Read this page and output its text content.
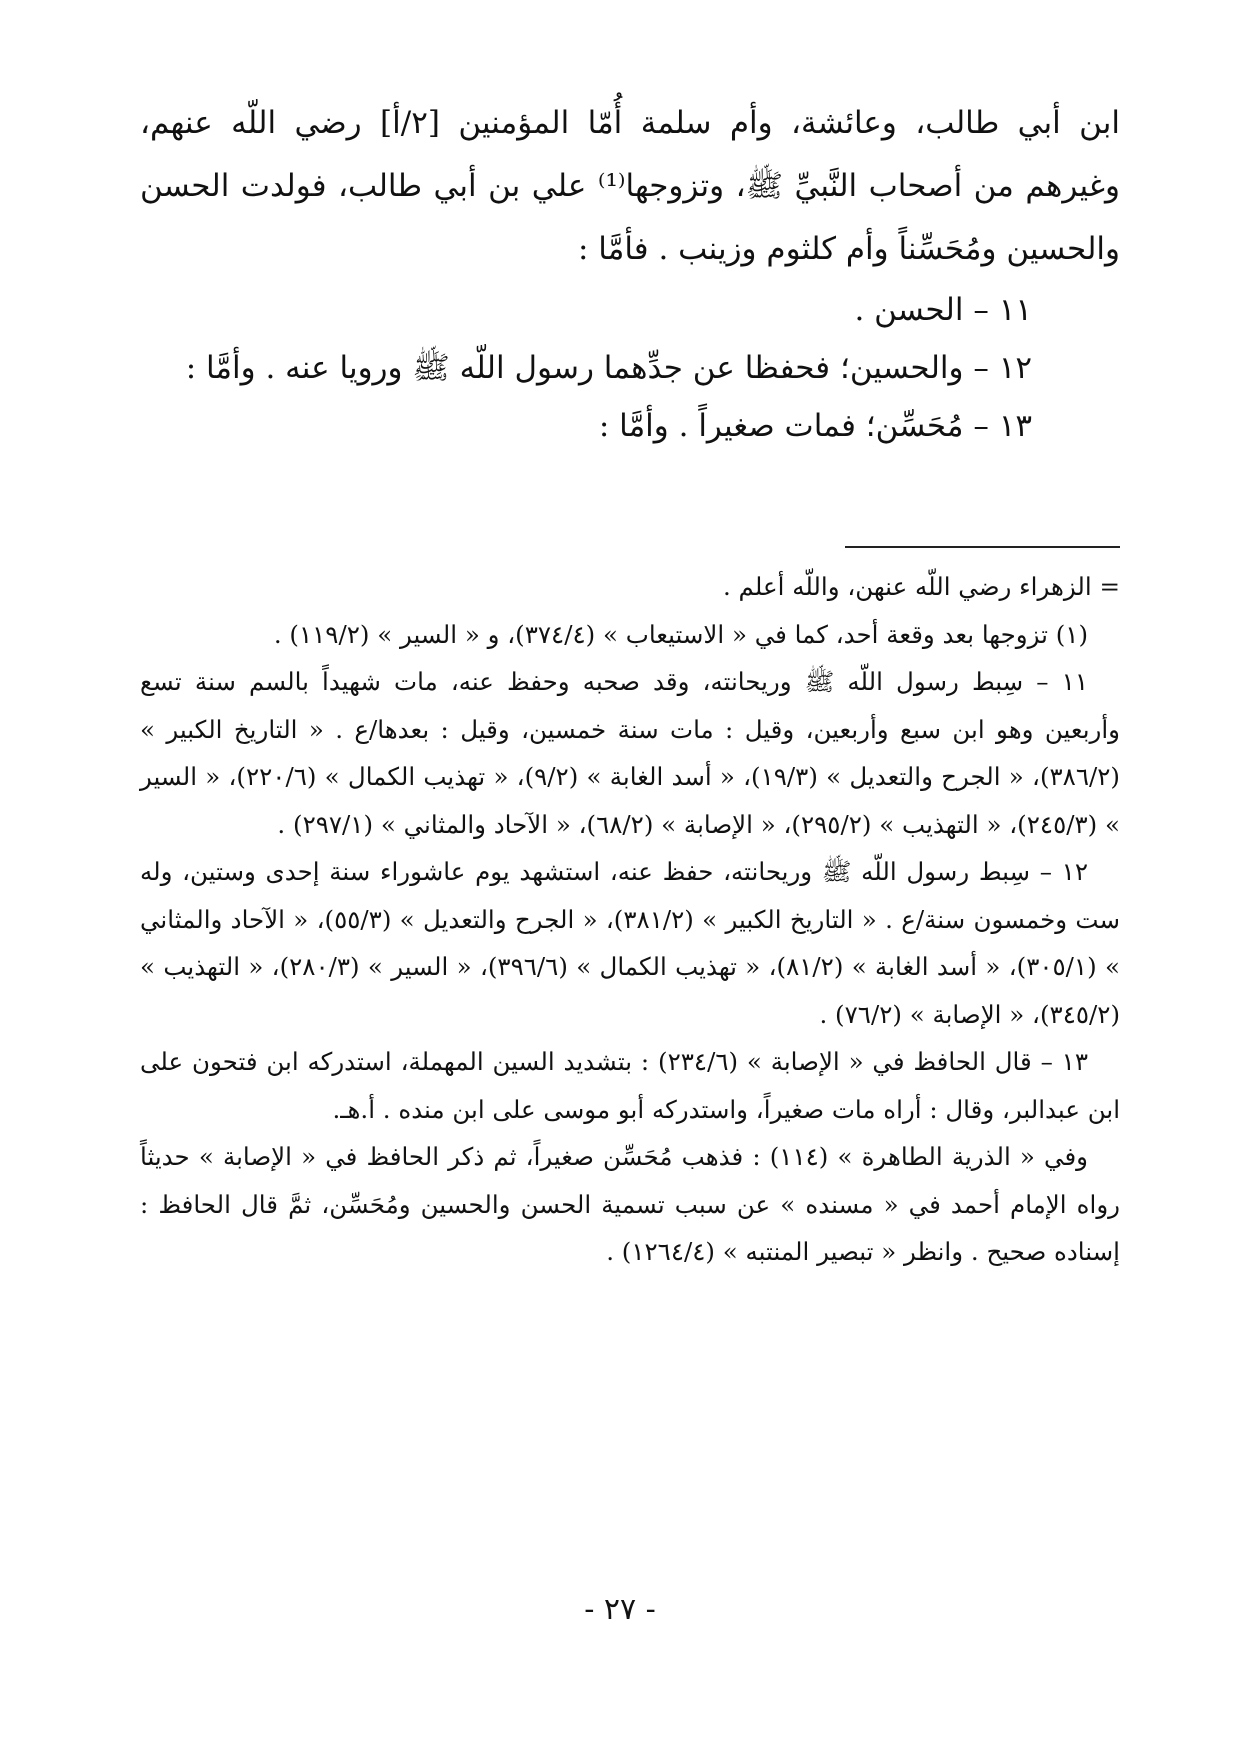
ابن أبي طالب، وعائشة، وأم سلمة أُمّا المؤمنين [٢/أ] رضي اللّه عنهم، وغيرهم من أصحاب النَّبيِّ ﷺ، وتزوجها⁽¹⁾ علي بن أبي طالب، فولدت الحسن والحسين ومُحَسِّناً وأم كلثوم وزينب . فأمَّا :

١١ – الحسن .

١٢ – والحسين؛ فحفظا عن جدِّهما رسول اللّه ﷺ ورويا عنه . وأمَّا :

١٣ – مُحَسِّن؛ فمات صغيراً . وأمَّا :

= الزهراء رضي اللّه عنهن، واللّه أعلم .

(١) تزوجها بعد وقعة أحد، كما في « الاستيعاب » (٣٧٤/٤)، و « السير » (١١٩/٢) .

١١ – سِبط رسول اللّه ﷺ وريحانته، وقد صحبه وحفظ عنه، مات شهيداً بالسم سنة تسع وأربعين وهو ابن سبع وأربعين، وقيل : مات سنة خمسين، وقيل : بعدها/ع . « التاريخ الكبير » (٣٨٦/٢)، « الجرح والتعديل » (١٩/٣)، « أسد الغابة » (٩/٢)، « تهذيب الكمال » (٢٢٠/٦)، « السير » (٢٤٥/٣)، « التهذيب » (٢٩٥/٢)، « الإصابة » (٦٨/٢)، « الآحاد والمثاني » (٢٩٧/١) .

١٢ – سِبط رسول اللّه ﷺ وريحانته، حفظ عنه، استشهد يوم عاشوراء سنة إحدى وستين، وله ست وخمسون سنة/ع . « التاريخ الكبير » (٣٨١/٢)، « الجرح والتعديل » (٥٥/٣)، « الآحاد والمثاني » (٣٠٥/١)، « أسد الغابة » (٨١/٢)، « تهذيب الكمال » (٣٩٦/٦)، « السير » (٢٨٠/٣)، « التهذيب » (٣٤٥/٢)، « الإصابة » (٧٦/٢) .

١٣ – قال الحافظ في « الإصابة » (٢٣٤/٦) : بتشديد السين المهملة، استدركه ابن فتحون على ابن عبدالبر، وقال : أراه مات صغيراً، واستدركه أبو موسى على ابن منده . أ.هـ.

وفي « الذرية الطاهرة » (١١٤) : فذهب مُحَسِّن صغيراً، ثم ذكر الحافظ في « الإصابة » حديثاً رواه الإمام أحمد في « مسنده » عن سبب تسمية الحسن والحسين ومُحَسِّن، ثمَّ قال الحافظ : إسناده صحيح . وانظر « تبصير المنتبه » (١٢٦٤/٤) .

- ٢٧ -
